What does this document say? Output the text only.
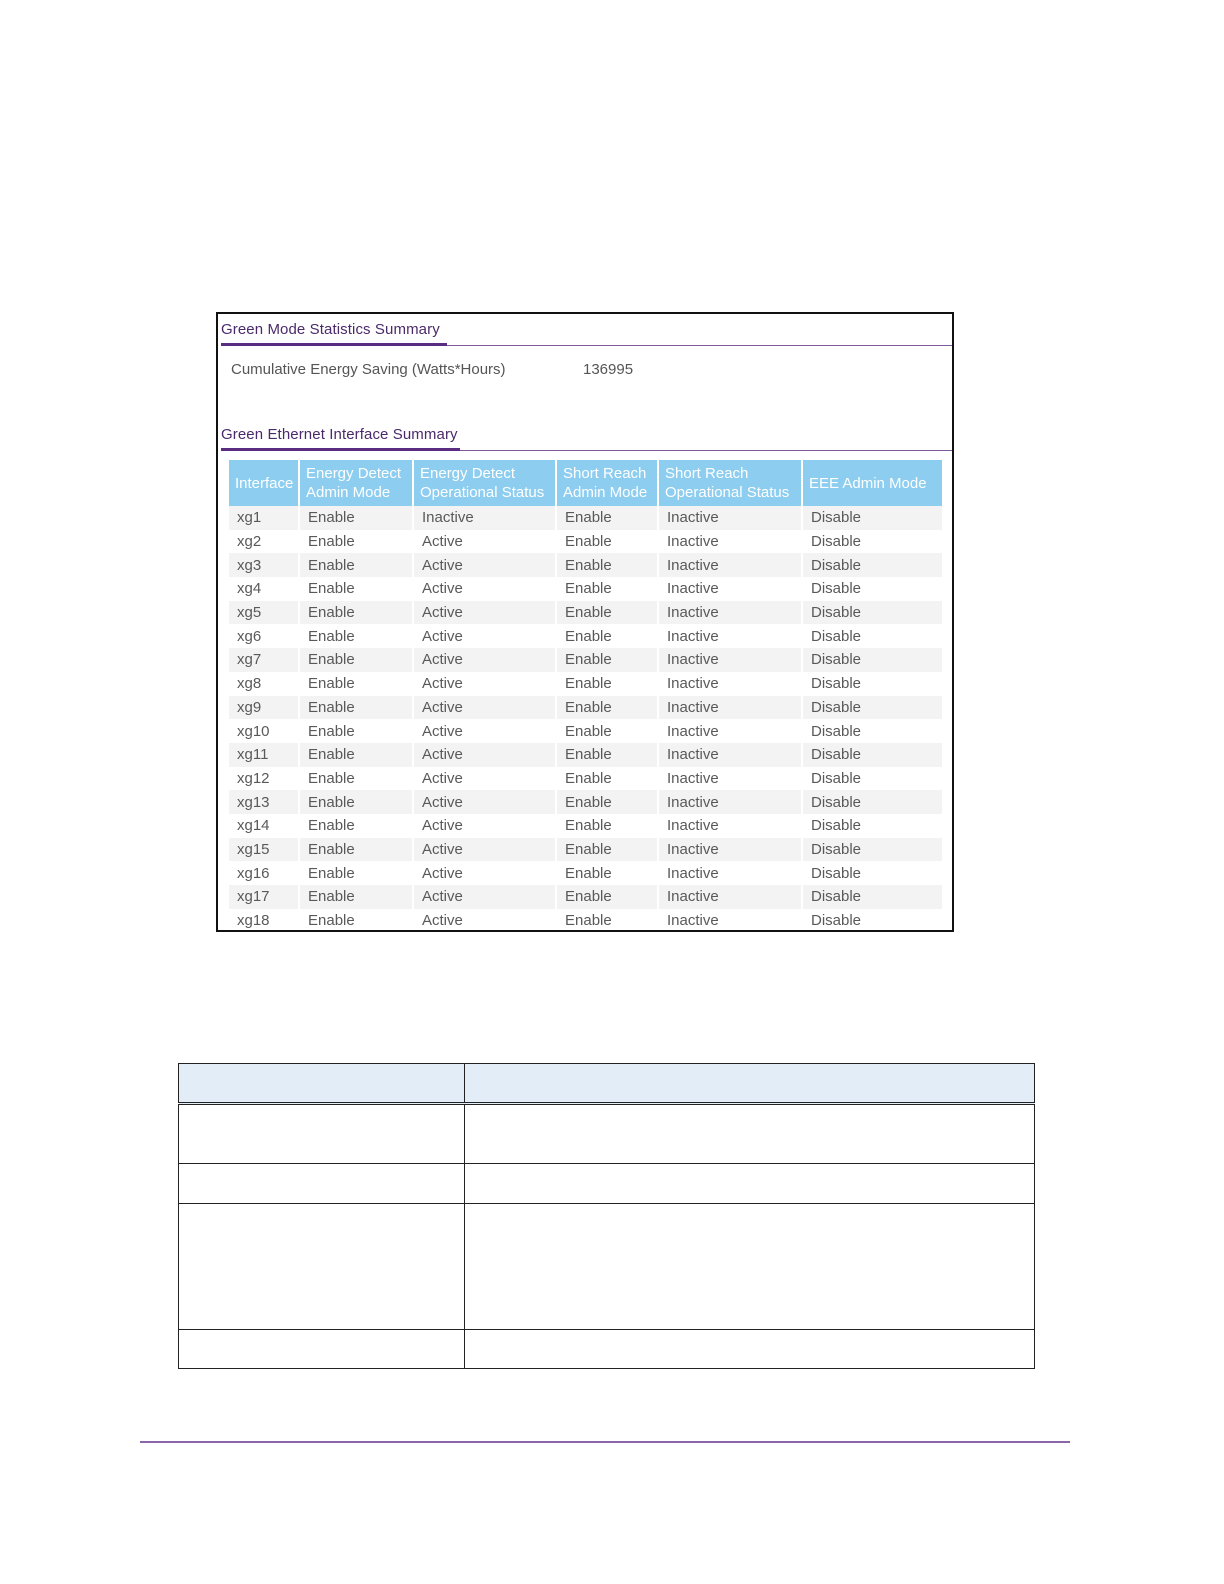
Green Mode Statistics Summary
Cumulative Energy Saving (Watts*Hours)	136995
Green Ethernet Interface Summary
Interface	Energy Detect Admin Mode	Energy Detect Operational Status	Short Reach Admin Mode	Short Reach Operational Status	EEE Admin Mode
xg1	Enable	Inactive	Enable	Inactive	Disable
xg2	Enable	Active	Enable	Inactive	Disable
xg3	Enable	Active	Enable	Inactive	Disable
xg4	Enable	Active	Enable	Inactive	Disable
xg5	Enable	Active	Enable	Inactive	Disable
xg6	Enable	Active	Enable	Inactive	Disable
xg7	Enable	Active	Enable	Inactive	Disable
xg8	Enable	Active	Enable	Inactive	Disable
xg9	Enable	Active	Enable	Inactive	Disable
xg10	Enable	Active	Enable	Inactive	Disable
xg11	Enable	Active	Enable	Inactive	Disable
xg12	Enable	Active	Enable	Inactive	Disable
xg13	Enable	Active	Enable	Inactive	Disable
xg14	Enable	Active	Enable	Inactive	Disable
xg15	Enable	Active	Enable	Inactive	Disable
xg16	Enable	Active	Enable	Inactive	Disable
xg17	Enable	Active	Enable	Inactive	Disable
xg18	Enable	Active	Enable	Inactive	Disable
